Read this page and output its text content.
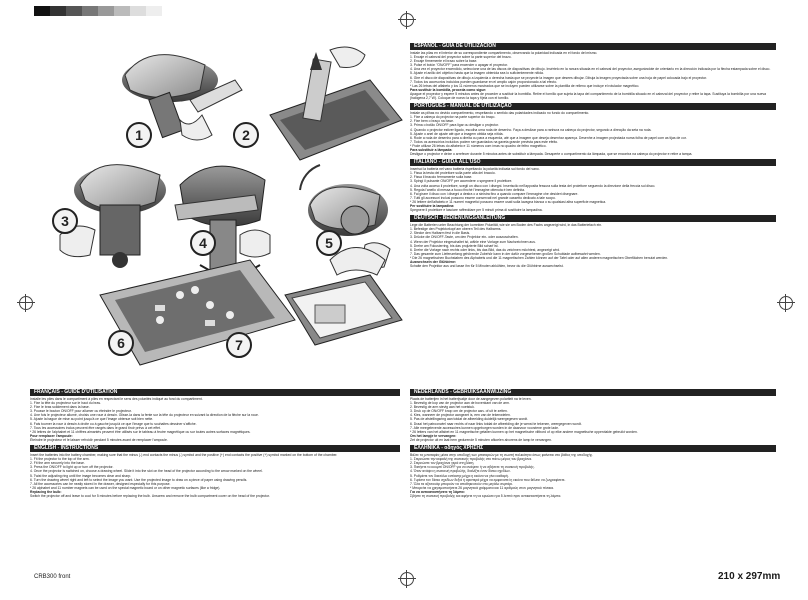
1	2
3
4	5
6	7
ESPAÑOL - GUÍA DE UTILIZACIÓN

Instale las pilas en el interior de su correspondiente compartimento, observando la polaridad indicada en el fondo del mismo.

1. Encaje el cabezal del proyector sobre la parte superior del brazo.

2. Encaje firmemente el brazo sobre la base.

3. Pulse el botón "ON/OFF" para encender o apagar el proyector.

4. Una vez el proyector encendido, seleccione una de las discos de diapositivas de dibujo. Insértelo en la ranura situada en el cabezal del proyector, asegurándote de orientarlo en la dirección indicada por la flecha estampada sobre el disco.

5. Ajuste el anillo del objetivo hasta que la imagen obtenida sea lo suficientemente nítida.

6. Gire el disco de diapositivas de dibujo a izquierda o derecha hasta que se proyecte la imagen que desees dibujar. Dibuja la imagen proyectada sobre una hoja de papel colocada bajo el proyector.

7. Todos los accesorios incluidos pueden guardarse en el amplio cajón proporcionado a tal efecto.

* Las 26 letras del alfabeto y los 11 números mostrados que se incluyen pueden utilizarse sobre la plantilla de relleno que incluye el rotulador magnético.

Para sustituir la bombilla, proceda como sigue:

Apague el proyector y espere 5 minutos antes de proceder a sustituir la bombilla. Retire el tornillo que sujeta la tapa del compartimento de la bombilla situado en el cabezal del proyector y retire la tapa. Sustituya la bombilla por una nueva (halógena 2,7 W). Coloque de nuevo la tapa y fíjela con el tornillo.

PORTUGUÊS - MANUAL DE UTILIZAÇÃO

Instale as pilhas no devido compartimento, respeitando o sentido das polaridades indicado no fundo do compartimento.

1. Fixe a cabeça do projector na parte superior do braço.

2. Fixe bem o braço na base.

3. Prima o botão ON/OFF para ligar ou desligar o projector.

4. Quando o projector estiver ligado, escolha uma roda de desenho. Faça a deslizar para a ranhura na cabeça do projector, segundo a direcção da seta na roda.

5. Ajuste o anel de ajuste até que a imagem obtida seja nítida.

6. Rode a roda de desenho para a direita ou para a esquerda, até que a imagem que deseja desenhar apareça. Desenhe a imagem projectada numa folha de papel com as tijas de cor.

7. Todos os acessórios incluídos podem ser guardados na gaveta grande prevista para este efeito.

* Pode utilizar 26 letras do alfabeto e 11 números com ímas no quadro de feltro magnético.

Para substituir a lâmpada:

Desligue o projector e deixe o arrefecer durante 5 minutos antes de substituir a lâmpada. Desaperte o compartimento da lâmpada, que se encontra na cabeça do projector e retire a tampa.

ITALIANO - GUIDA ALL'USO

Inserisci la batteria nel vano batteria rispettando la polarità indicata sul fondo del vano.

1. Fissa la testa del proiettore sulla parte alta del braccio.

2. Fissa il braccio fermamente sulla base.

3. Spingi il pulsante ON/OFF per accendere o spegnere il proiettore.

4. Una volta acceso il proiettore, scegli un disco con i disegni. Inseriscilo nell'apposita fessura sulla testa del proiettore seguendo la direzione della freccia sul disco.

5. Regola l'anello di messa a fuoco finché l'immagine ottenuta è ben definita.

6. Fai girare il disco con i disegni a destra o a sinistra fino a quando compare l'immagine che desideri disegnare.

7. Tutti gli accessori inclusi possono essere conservati nel grande cassetto dedicato a tale scopo.

* 26 lettere dell'alfabeto e 11 numeri magnetici possono essere usati sulla lavagna bianca o su qualsiasi altra superficie magnetica.

Per sostituire la lampadina:

Spegnere il proiettore e lasciare raffreddare per 5 minuti prima di sostituire la lampadina.

DEUTSCH - BEDIENUNGSANLEITUNG

Lege die Batterien unter Beachtung der korrekten Polarität, wie sie am Boden des Fachs angezeigt wird, in das Batteriefach ein.

1. Befestige den Projektorkopf am oberen Teil des Halbarms.

2. Stecke den Halbarm fest in die Basis.

3. Drücke die ON/OFF-Taste, um den Projektor ein- oder auszuschalten.

4. Wenn der Projektor eingeschaltet ist, wähle eine Vorlage zum Nachzeichnen aus.

5. Drehe am Fokusierring, bis das projizierte Bild scharf ist.

6. Drehe die Vorlage nach rechts oder links, bis das Bild, das du zeichnen möchtest, angezeigt wird.

7. Das gesamte zum Lieferumfang gehörende Zubehör kann in der dafür vorgesehenen großen Schublade aufbewahrt werden.

* Die 26 magnetischen Buchstaben des Alphabets und die 11 magnetischen Zahlen können auf der Tafel oder auf allen anderen magnetischen Oberflächen benutzt werden.

Auswechseln der Glühbirne:

Schalte den Projektor aus und lasse ihn für 5 Minuten abkühlen, bevor du die Glühbirne auswechselst.

FRANÇAIS - GUIDE D'UTILISATION

Installe les piles dans le compartiment à piles en respectant le sens des polarités indiqué au fond du compartiment.

1. Fixe la tête du projecteur sur le haut du bras.

2. Fixe le bras solidement dans la base.

3. Pousse le bouton ON/OFF pour allumer ou éteindre le projecteur.

4. Une fois le projecteur allumé, choisis une roue à dessin. Glisse-la dans la fente sur la tête du projecteur en suivant la direction de la flèche sur la roue.

5. Ajuste la bague de mise au point jusqu'à ce que l'image obtenue soit bien nette.

6. Fais tourner la roue à dessin à droite ou à gauche jusqu'à ce que l'image que tu souhaites dessiner s'affiche.

7. Tous les accessoires inclus peuvent être rangés dans le grand tiroir prévu à cet effet.

* 26 lettres de l'alphabet et 11 chiffres aimantés peuvent être utilisés sur le tableau à feutre magnétique ou sur toutes autres surfaces magnétiques.

Pour remplacer l'ampoule:

Éteindre le projecteur et le laisser refroidir pendant 5 minutes avant de remplacer l'ampoule.

ENGLISH - INSTRUCTIONS

Insert the batteries into the battery chamber, making sure that the minus (-) end contacts the minus (-) symbol and the positive (+) end contacts the positive (+) symbol marked on the bottom of the chamber.

1. Fit the projector to the top of the arm.

2. Fit the arm securely into the base.

3. Press the ON/OFF to light up or turn off the projector.

4. Once the projector is switched on, choose a drawing wheel. Slide it into the slot on the head of the projector according to the arrow marked on the wheel.

5. Twist the adjusting ring until the image becomes clear and sharp.

6. Turn the drawing wheel right and left to select the image you want. Use the projected image to draw on a piece of paper using drawing pencils.

7. All the accessories can be neatly stored in the drawer, designed especially for this purpose.

* 26 alphabet and 11 number magnets can be used on the special magnetic board or on other magnetic surfaces (like a fridge).

Replacing the bulb:

Switch the projector off and leave to cool for 5 minutes before replacing the bulb. Unscrew and remove the bulb compartment cover on the head of the projector.

NEDERLANDS - GEBRUIKSAANWIJZING

Plaats de batterijen in het batterijvakje door de aangegeven polariteit na te leven.

1. Bevestig de kop van de projector aan de bovenkant van de arm.

2. Bevestig de arm stevig aan het voetstuk.

3. Druk op de ON/OFF knop om de projector aan- of uit te zetten.

4. Kies, wanneer de projector aangezet is, een van de tekenwielen.

5. Pas de afstellingsring aan totdat de afbeelding duidelijk weergegeven wordt.

6. Draai het patroonwiel naar rechts of naar links totdat de afbeelding die je wenst te tekenen, weergegeven wordt.

7. Alle meegeleverde accessoires kunnen opgeborgen worden in de daarvoor voorziene grote lade.

* 26 letters van het alfabet en 11 magnetische getallen kunnen op het magnetische viltbord of op elke andere magnetische oppervlakte gebruikt worden.

Om het lampje te vervangen:

Zet de projector uit en laat hem gedurende 5 minuten afkoelen alvorens de lamp te vervangen.

ΕΛΛΗΝΙΚΑ - οδηγός ΧΡΗΣΗΣ

Βάλτε τις μπαταρίες μέσα στην υποδοχή των μπαταριών με τη σωστή πολικότητα όπως φαίνεται στο βάθος της υποδοχής.

1. Στερεώστε την κεφαλή της συσκευής προβολής στο πάνω μέρος του βραχίονα.

2. Στερεώστε τον βραχίονα γερά στη βάση.

3. Πατήστε το κουμπί ON/OFF για να ανάψετε ή να σβήσετε τη συσκευή προβολής.

4. Όταν ανάψει η συσκευή προβολής, διαλέξτε έναν δίσκο σχεδίων.

5. Ρυθμίστε τον δακτύλιο εστίασης μέχρι η εικόνα να γίνει καθαρή.

6. Γυρίστε τον δίσκο σχεδίων δεξιά ή αριστερά μέχρι να εμφανιστεί η εικόνα που θέλετε να ζωγραφίσετε.

7. Όλα τα αξεσουάρ μπορούν να αποθηκευτούν στο μεγάλο συρτάρι.

* Μπορείτε να χρησιμοποιήσετε 26 μαγνητικά γράμματα και 11 αριθμούς στον μαγνητικό πίνακα.

Για να αντικαταστήσετε τη λάμπα:

Σβήστε τη συσκευή προβολής και αφήστε τη να κρυώσει για 5 λεπτά πριν αντικαταστήσετε τη λάμπα.

CRB300 front	210 x 297mm
